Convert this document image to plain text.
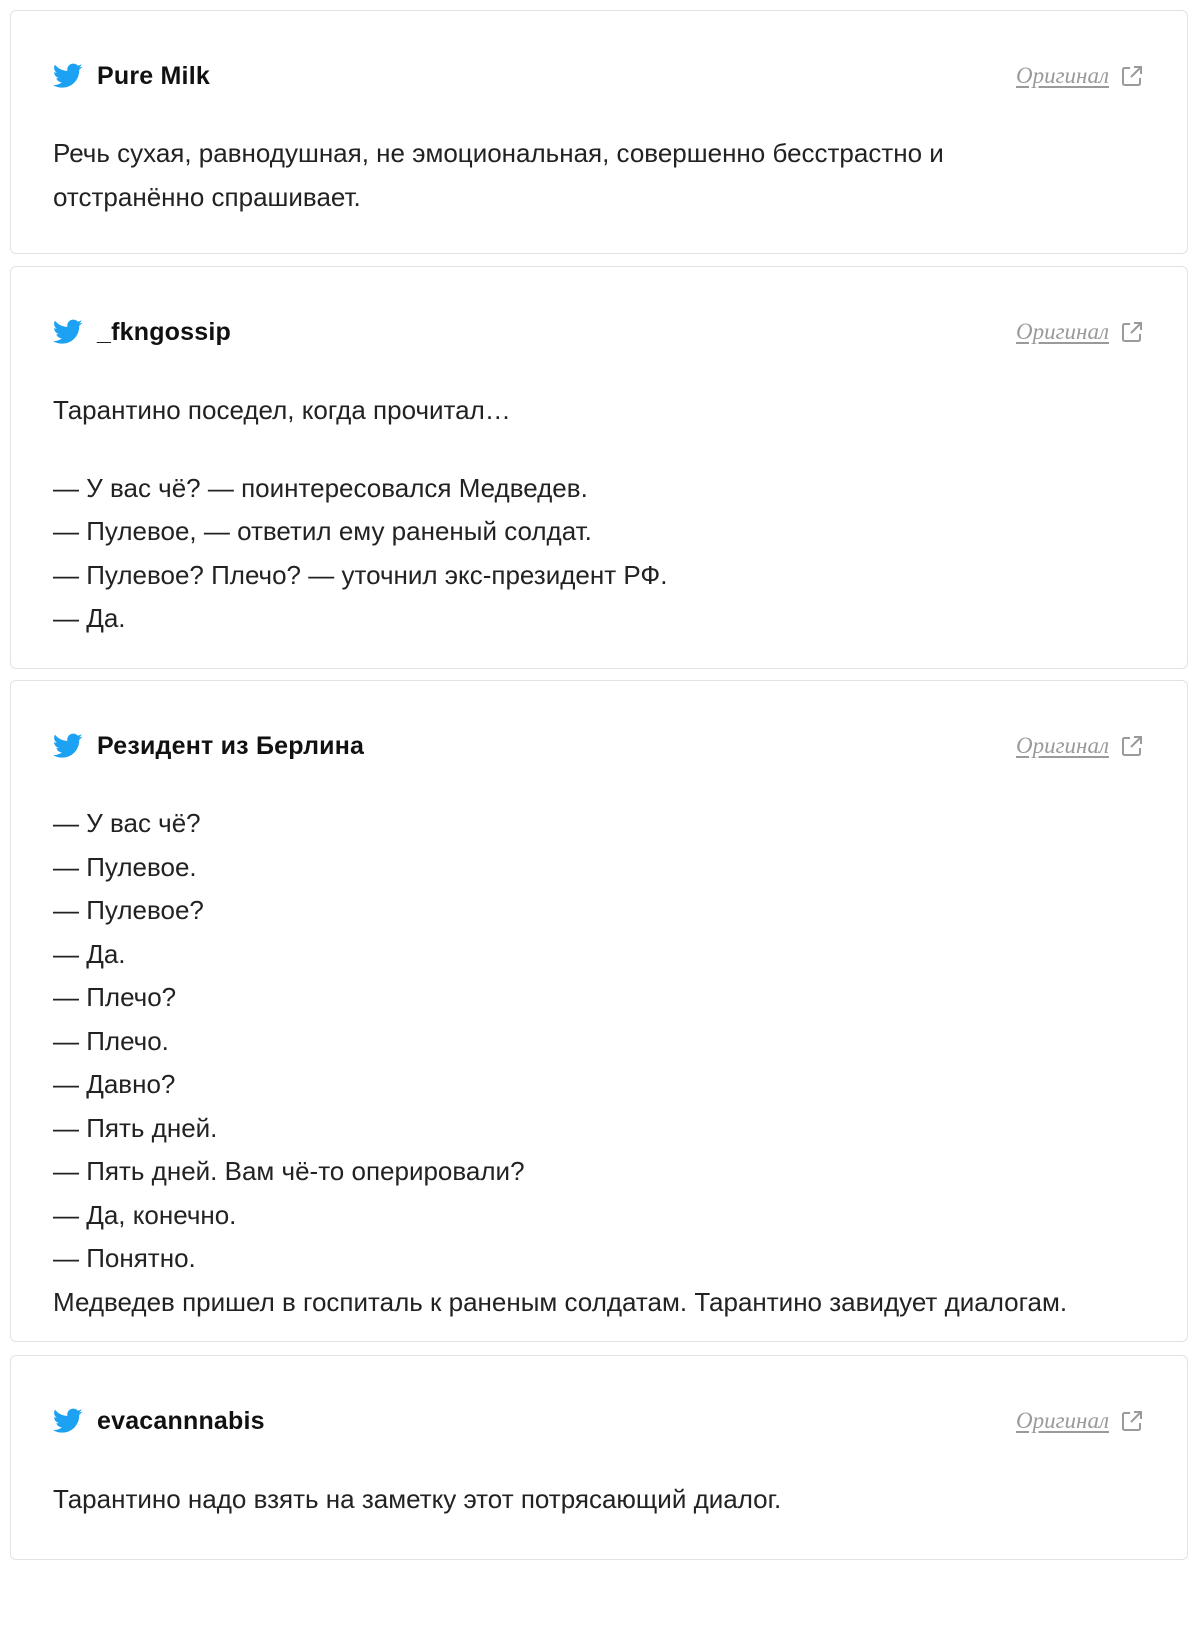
Pure Milk	Оригинал
Речь сухая, равнодушная, не эмоциональная, совершенно бесстрастно и
отстранённо спрашивает.
_fkngossip	Оригинал
Тарантино поседел, когда прочитал…
— У вас чё? — поинтересовался Медведев.
— Пулевое, — ответил ему раненый солдат.
— Пулевое? Плечо? — уточнил экс-президент РФ.
— Да.
Резидент из Берлина	Оригинал
— У вас чё?
— Пулевое.
— Пулевое?
— Да.
— Плечо?
— Плечо.
— Давно?
— Пять дней.
— Пять дней. Вам чё-то оперировали?
— Да, конечно.
— Понятно.
Медведев пришел в госпиталь к раненым солдатам. Тарантино завидует диалогам.
evacannnabis	Оригинал
Тарантино надо взять на заметку этот потрясающий диалог.
